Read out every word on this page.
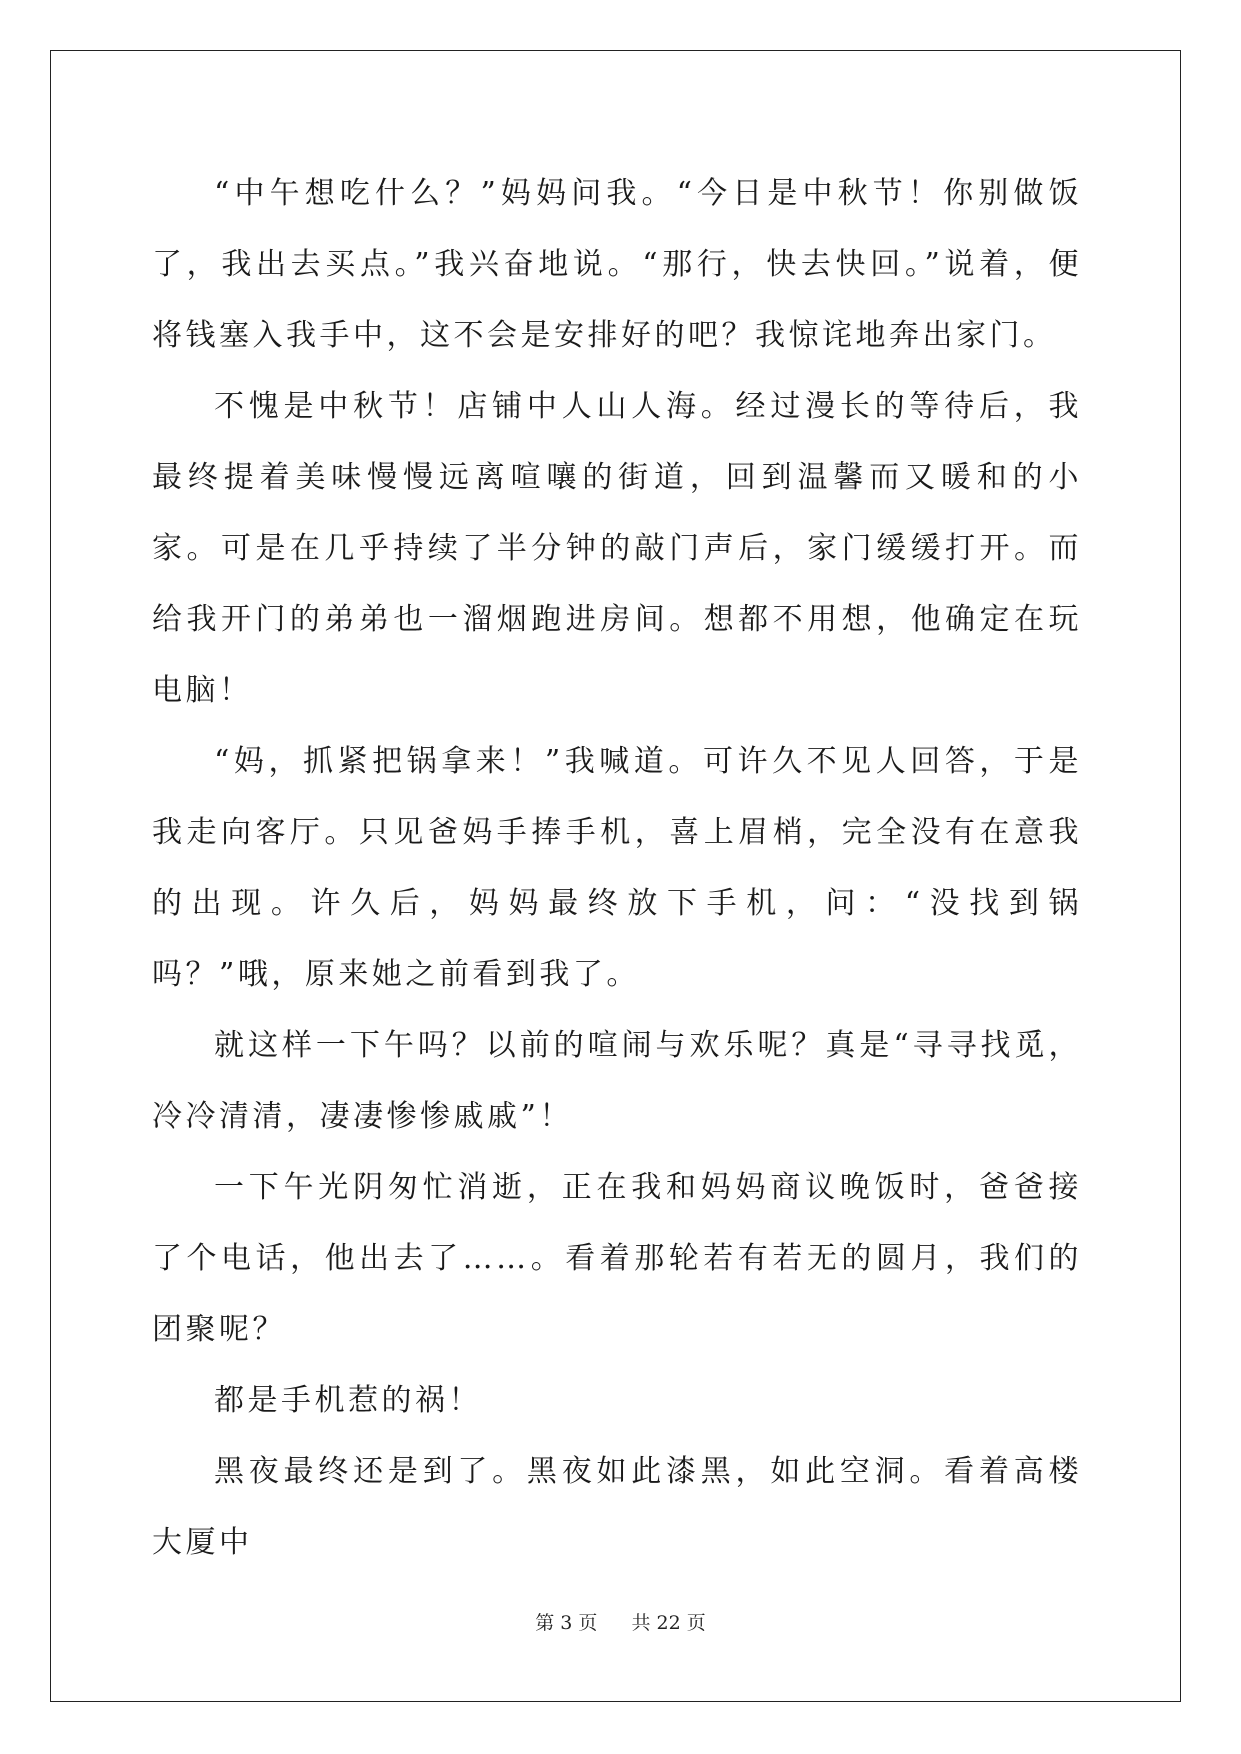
“中午想吃什么？”妈妈问我。“今日是中秋节！你别做饭了，我出去买点。”我兴奋地说。“那行，快去快回。”说着，便将钱塞入我手中，这不会是安排好的吧？我惊诧地奔出家门。

不愧是中秋节！店铺中人山人海。经过漫长的等待后，我最终提着美味慢慢远离喧嚷的街道，回到温馨而又暖和的小家。可是在几乎持续了半分钟的敲门声后，家门缓缓打开。而给我开门的弟弟也一溜烟跑进房间。想都不用想，他确定在玩电脑！

“妈，抓紧把锅拿来！”我喊道。可许久不见人回答，于是我走向客厅。只见爸妈手捧手机，喜上眉梢，完全没有在意我的出现。许久后，妈妈最终放下手机，问：“没找到锅吗？”哦，原来她之前看到我了。

就这样一下午吗？以前的喧闹与欢乐呢？真是“寻寻找觅，冷冷清清，凄凄惨惨戚戚”！

一下午光阴匆忙消逝，正在我和妈妈商议晚饭时，爸爸接了个电话，他出去了……。看着那轮若有若无的圆月，我们的团聚呢？

都是手机惹的祸！

黑夜最终还是到了。黑夜如此漆黑，如此空洞。看着高楼大厦中

第 3 页 共 22 页
